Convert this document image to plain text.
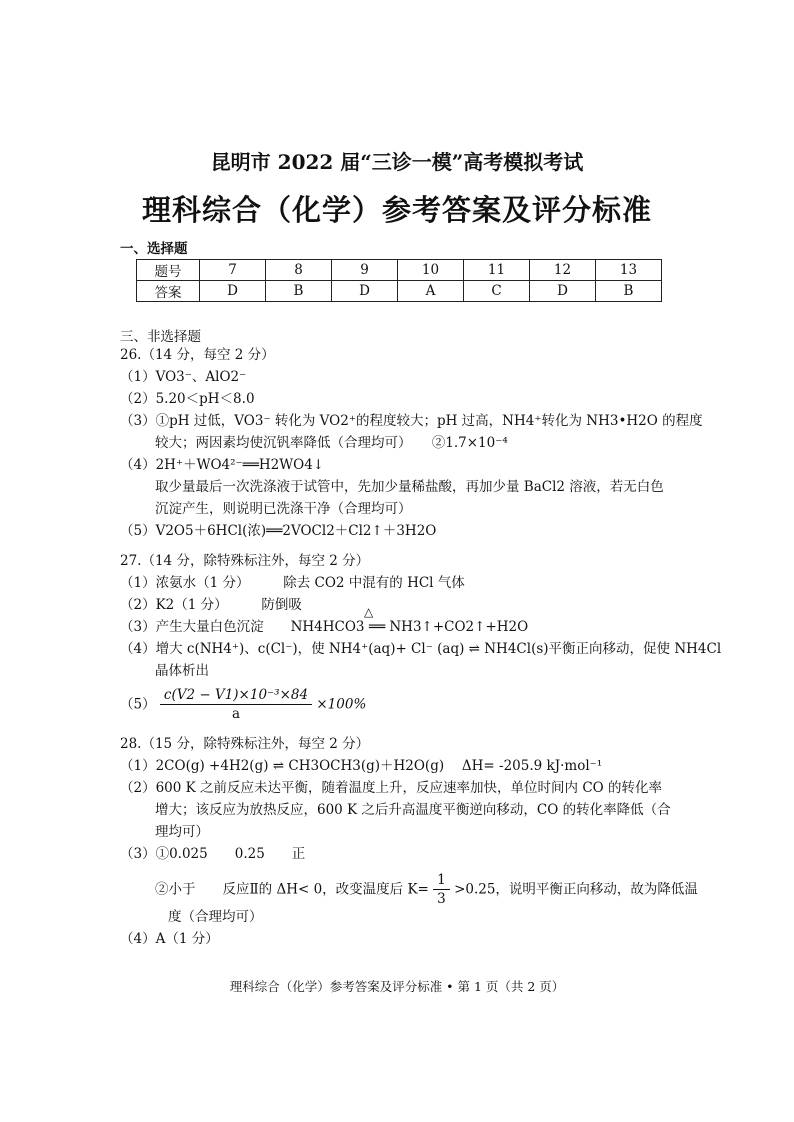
昆明市 2022 届“三诊一模”高考模拟考试
理科综合（化学）参考答案及评分标准
一、选择题
题号	7	8	9	10	11	12	13
答案	D	B	D	A	C	D	B
三、非选择题
26.（14 分，每空 2 分）
（1）VO3⁻、AlO2⁻
（2）5.20＜pH＜8.0
（3）①pH 过低，VO3⁻ 转化为 VO2⁺的程度较大；pH 过高，NH4⁺转化为 NH3•H2O 的程度
较大；两因素均使沉钒率降低（合理均可）　　②1.7×10⁻⁴
（4）2H⁺＋WO4²⁻══H2WO4↓
取少量最后一次洗涤液于试管中，先加少量稀盐酸，再加少量 BaCl2 溶液，若无白色
沉淀产生，则说明已洗涤干净（合理均可）
（5）V2O5＋6HCl(浓)══2VOCl2＋Cl2↑＋3H2O
27.（14 分，除特殊标注外，每空 2 分）
（1）浓氨水（1 分）　　　除去 CO2 中混有的 HCl 气体
（2）K2（1 分）　　　防倒吸	△
（3）产生大量白色沉淀　　NH4HCO3 ══ NH3↑+CO2↑+H2O
（4）增大 c(NH4⁺)、c(Cl⁻)，使 NH4⁺(aq)+ Cl⁻ (aq) ⇌ NH4Cl(s)平衡正向移动，促使 NH4Cl
晶体析出
$(5) \frac{\text{c(V2 − V1)×10⁻³×84}}{a} \times 100\%$
28.（15 分，除特殊标注外，每空 2 分）
（1）2CO(g) +4H2(g) ⇌ CH3OCH3(g)＋H2O(g)　 ΔH= -205.9 kJ·mol⁻¹
（2）600 K 之前反应未达平衡，随着温度上升，反应速率加快，单位时间内 CO 的转化率
增大；该反应为放热反应，600 K 之后升高温度平衡逆向移动，CO 的转化率降低（合
理均可）
（3）①0.025　　0.25　　正
②小于　　反应Ⅱ的 ΔH< 0，改变温度后 $K= \frac{1}{3} >0.25$，说明平衡正向移动，故为降低温
度（合理均可）
（4）A（1 分）
理科综合（化学）参考答案及评分标准 • 第 1 页（共 2 页）
